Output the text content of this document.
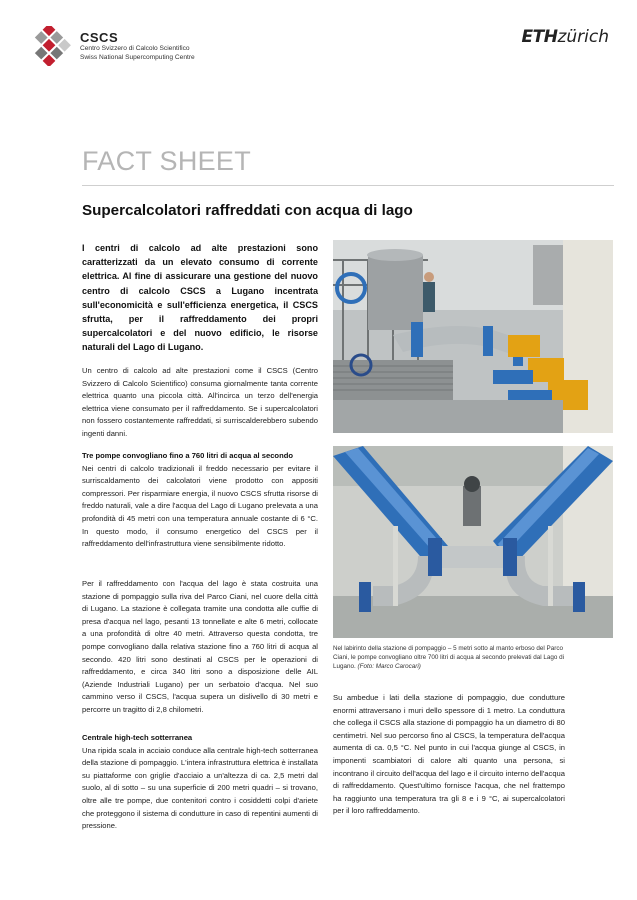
CSCS
Centro Svizzero di Calcolo Scientifico
Swiss National Supercomputing Centre
ETHzürich
FACT SHEET
Supercalcolatori raffreddati con acqua di lago
I centri di calcolo ad alte prestazioni sono caratterizzati da un elevato consumo di corrente elettrica. Al fine di assicurare una gestione del nuovo centro di calcolo CSCS a Lugano incentrata sull'economicità e sull'efficienza energetica, il CSCS sfrutta, per il raffreddamento dei propri supercalcolatori e del nuovo edificio, le risorse naturali del Lago di Lugano.

Un centro di calcolo ad alte prestazioni come il CSCS (Centro Svizzero di Calcolo Scientifico) consuma giornalmente tanta corrente elettrica quanto una piccola città. All'incirca un terzo dell'energia elettrica viene consumato per il raffreddamento. Se i supercalcolatori non fossero costantemente raffreddati, si surriscalderebbero subendo ingenti danni.

Tre pompe convogliano fino a 760 litri di acqua al secondo

Nei centri di calcolo tradizionali il freddo necessario per evitare il surriscaldamento dei calcolatori viene prodotto con appositi compressori. Per risparmiare energia, il nuovo CSCS sfrutta risorse di freddo naturali, vale a dire l'acqua del Lago di Lugano prelevata a una profondità di 45 metri con una temperatura annuale costante di 6 °C. In questo modo, il consumo energetico del CSCS per il raffreddamento dell'infrastruttura viene sensibilmente ridotto.

Per il raffreddamento con l'acqua del lago è stata costruita una stazione di pompaggio sulla riva del Parco Ciani, nel cuore della città di Lugano. La stazione è collegata tramite una condotta alle cuffie di presa d'acqua nel lago, pesanti 13 tonnellate e alte 6 metri, collocate a una profondità di oltre 40 metri. Attraverso questa condotta, tre pompe convogliano dalla relativa stazione fino a 760 litri di acqua al secondo. 420 litri sono destinati al CSCS per le operazioni di raffreddamento, e circa 340 litri sono a disposizione delle AIL (Aziende Industriali Lugano) per un serbatoio d'acqua. Nel suo cammino verso il CSCS, l'acqua supera un dislivello di 30 metri e percorre un tragitto di 2,8 chilometri.

Centrale high-tech sotterranea

Una ripida scala in acciaio conduce alla centrale high-tech sotterranea della stazione di pompaggio. L'intera infrastruttura elettrica è installata su piattaforme con griglie d'acciaio a un'altezza di ca. 2,5 metri dal suolo, al di sotto – su una superficie di 200 metri quadri – si trovano, oltre alle tre pompe, due contenitori contro i cosiddetti colpi d'ariete che proteggono il sistema di condutture in caso di repentini aumenti di pressione.

Nel labirinto della stazione di pompaggio – 5 metri sotto al manto erboso del Parco Ciani, le pompe convogliano oltre 700 litri di acqua al secondo prelevati dal Lago di Lugano. (Foto: Marco Carocari)

Su ambedue i lati della stazione di pompaggio, due condutture enormi attraversano i muri dello spessore di 1 metro. La conduttura che collega il CSCS alla stazione di pompaggio ha un diametro di 80 centimetri. Nel suo percorso fino al CSCS, la temperatura dell'acqua aumenta di ca. 0,5 °C. Nel punto in cui l'acqua giunge al CSCS, in imponenti scambiatori di calore alti quanto una persona, si incontrano il circuito dell'acqua del lago e il circuito interno dell'acqua di raffreddamento. Quest'ultimo fornisce l'acqua, che nel frattempo ha raggiunto una temperatura tra gli 8 e i 9 °C, ai supercalcolatori per il loro raffreddamento.
